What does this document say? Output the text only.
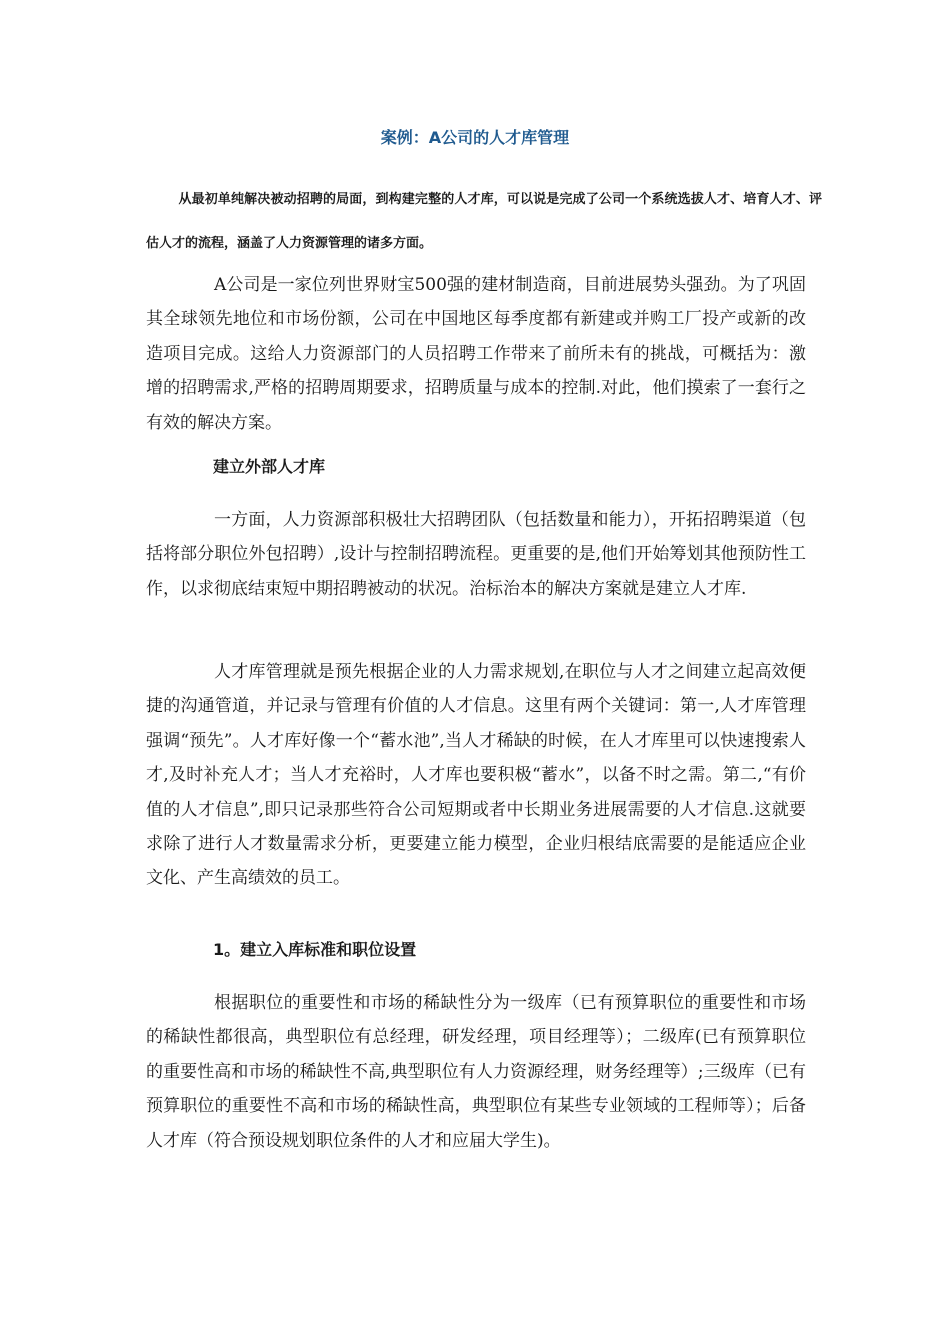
案例：A公司的人才库管理
从最初单纯解决被动招聘的局面，到构建完整的人才库，可以说是完成了公司一个系统选拔人才、培育人才、评估人才的流程，涵盖了人力资源管理的诸多方面。

A公司是一家位列世界财宝500强的建材制造商，目前进展势头强劲。为了巩固其全球领先地位和市场份额，公司在中国地区每季度都有新建或并购工厂投产或新的改造项目完成。这给人力资源部门的人员招聘工作带来了前所未有的挑战，可概括为：激增的招聘需求,严格的招聘周期要求，招聘质量与成本的控制.对此，他们摸索了一套行之有效的解决方案。

建立外部人才库

一方面，人力资源部积极壮大招聘团队（包括数量和能力），开拓招聘渠道（包括将部分职位外包招聘）,设计与控制招聘流程。更重要的是,他们开始筹划其他预防性工作，以求彻底结束短中期招聘被动的状况。治标治本的解决方案就是建立人才库.

人才库管理就是预先根据企业的人力需求规划,在职位与人才之间建立起高效便捷的沟通管道，并记录与管理有价值的人才信息。这里有两个关键词：第一,人才库管理强调“预先”。人才库好像一个“蓄水池”,当人才稀缺的时候，在人才库里可以快速搜索人才,及时补充人才；当人才充裕时，人才库也要积极“蓄水”，以备不时之需。第二,“有价值的人才信息”,即只记录那些符合公司短期或者中长期业务进展需要的人才信息.这就要求除了进行人才数量需求分析，更要建立能力模型，企业归根结底需要的是能适应企业文化、产生高绩效的员工。

1。建立入库标准和职位设置

根据职位的重要性和市场的稀缺性分为一级库（已有预算职位的重要性和市场的稀缺性都很高，典型职位有总经理，研发经理，项目经理等）；二级库(已有预算职位的重要性高和市场的稀缺性不高,典型职位有人力资源经理，财务经理等）;三级库（已有预算职位的重要性不高和市场的稀缺性高，典型职位有某些专业领域的工程师等）；后备人才库（符合预设规划职位条件的人才和应届大学生)。
